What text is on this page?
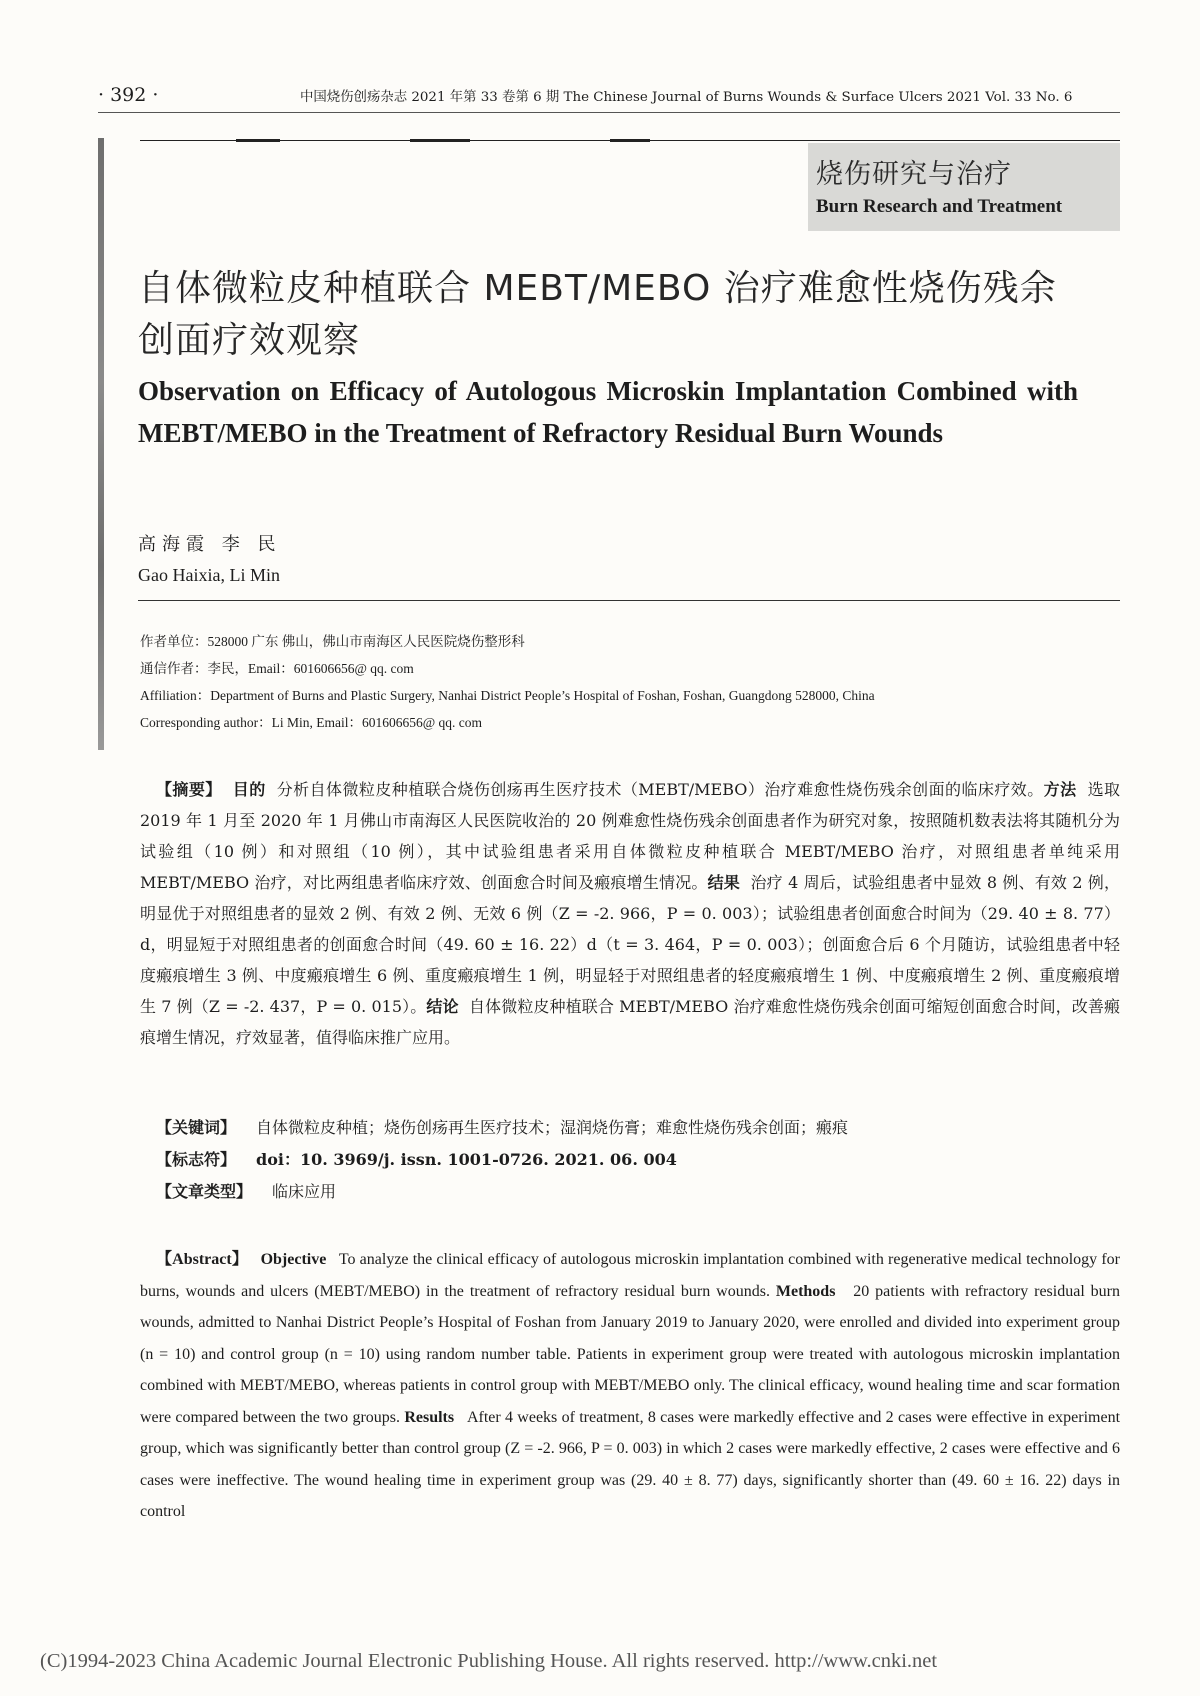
· 392 ·	中国烧伤创疡杂志 2021 年第 33 卷第 6 期 The Chinese Journal of Burns Wounds & Surface Ulcers 2021 Vol. 33 No. 6
烧伤研究与治疗
Burn Research and Treatment
自体微粒皮种植联合 MEBT/MEBO 治疗难愈性烧伤残余创面疗效观察
Observation on Efficacy of Autologous Microskin Implantation Combined with MEBT/MEBO in the Treatment of Refractory Residual Burn Wounds
高海霞 李 民
Gao Haixia, Li Min
作者单位：528000 广东 佛山，佛山市南海区人民医院烧伤整形科
通信作者：李民，Email：601606656@ qq. com
Affiliation：Department of Burns and Plastic Surgery, Nanhai District People’s Hospital of Foshan, Foshan, Guangdong 528000, China
Corresponding author：Li Min, Email：601606656@ qq. com
【摘要】 目的 分析自体微粒皮种植联合烧伤创疡再生医疗技术（MEBT/MEBO）治疗难愈性烧伤残余创面的临床疗效。方法 选取 2019 年 1 月至 2020 年 1 月佛山市南海区人民医院收治的 20 例难愈性烧伤残余创面患者作为研究对象，按照随机数表法将其随机分为试验组（10 例）和对照组（10 例），其中试验组患者采用自体微粒皮种植联合 MEBT/MEBO 治疗，对照组患者单纯采用 MEBT/MEBO 治疗，对比两组患者临床疗效、创面愈合时间及瘢痕增生情况。结果 治疗 4 周后，试验组患者中显效 8 例、有效 2 例，明显优于对照组患者的显效 2 例、有效 2 例、无效 6 例（Z = -2. 966，P = 0. 003）；试验组患者创面愈合时间为（29. 40 ± 8. 77）d，明显短于对照组患者的创面愈合时间（49. 60 ± 16. 22）d（t = 3. 464，P = 0. 003）；创面愈合后 6 个月随访，试验组患者中轻度瘢痕增生 3 例、中度瘢痕增生 6 例、重度瘢痕增生 1 例，明显轻于对照组患者的轻度瘢痕增生 1 例、中度瘢痕增生 2 例、重度瘢痕增生 7 例（Z = -2. 437，P = 0. 015）。结论 自体微粒皮种植联合 MEBT/MEBO 治疗难愈性烧伤残余创面可缩短创面愈合时间，改善瘢痕增生情况，疗效显著，值得临床推广应用。
【关键词】 自体微粒皮种植；烧伤创疡再生医疗技术；湿润烧伤膏；难愈性烧伤残余创面；瘢痕
【标志符】 doi：10. 3969/j. issn. 1001-0726. 2021. 06. 004
【文章类型】 临床应用
【Abstract】 Objective To analyze the clinical efficacy of autologous microskin implantation combined with regenerative medical technology for burns, wounds and ulcers (MEBT/MEBO) in the treatment of refractory residual burn wounds. Methods 20 patients with refractory residual burn wounds, admitted to Nanhai District People’s Hospital of Foshan from January 2019 to January 2020, were enrolled and divided into experiment group (n = 10) and control group (n = 10) using random number table. Patients in experiment group were treated with autologous microskin implantation combined with MEBT/MEBO, whereas patients in control group with MEBT/MEBO only. The clinical efficacy, wound healing time and scar formation were compared between the two groups. Results After 4 weeks of treatment, 8 cases were markedly effective and 2 cases were effective in experiment group, which was significantly better than control group (Z = -2. 966, P = 0. 003) in which 2 cases were markedly effective, 2 cases were effective and 6 cases were ineffective. The wound healing time in experiment group was (29. 40 ± 8. 77) days, significantly shorter than (49. 60 ± 16. 22) days in control
(C)1994-2023 China Academic Journal Electronic Publishing House. All rights reserved. http://www.cnki.net
